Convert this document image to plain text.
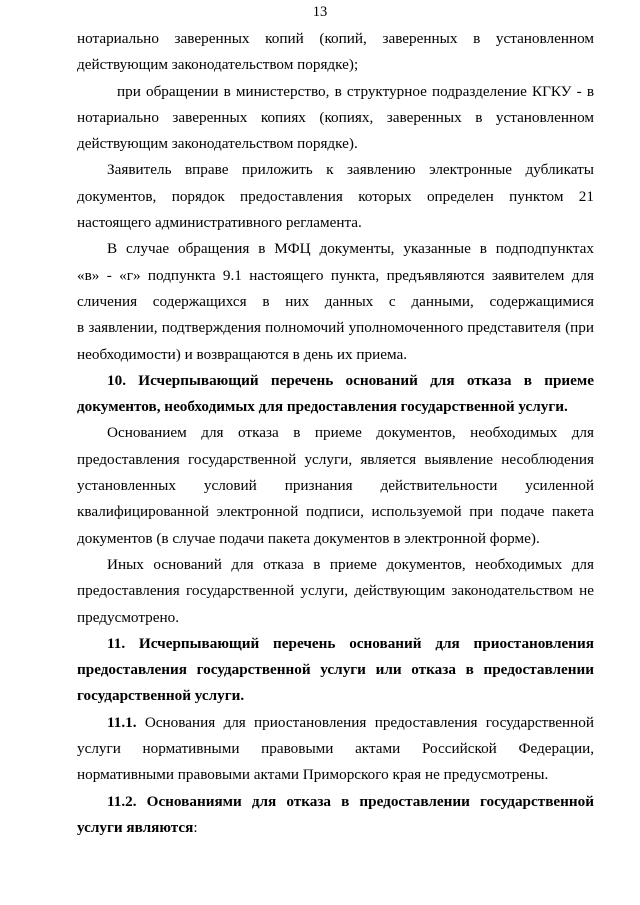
13

нотариально заверенных копий (копий, заверенных в установленном

действующим законодательством порядке);

при обращении в министерство, в структурное подразделение КГКУ - в

нотариально заверенных копиях (копиях, заверенных в установленном

действующим законодательством порядке).

Заявитель вправе приложить к заявлению электронные дубликаты

документов, порядок предоставления которых определен пунктом 21

настоящего административного регламента.

В случае обращения в МФЦ документы, указанные в подподпунктах

«в» - «г» подпункта 9.1 настоящего пункта, предъявляются заявителем для

сличения содержащихся в них данных с данными, содержащимися

в заявлении, подтверждения полномочий уполномоченного представителя (при

необходимости) и возвращаются в день их приема.

10. Исчерпывающий перечень оснований для отказа в приеме

документов, необходимых для предоставления государственной услуги.

Основанием для отказа в приеме документов, необходимых для

предоставления государственной услуги, является выявление несоблюдения

установленных условий признания действительности усиленной

квалифицированной электронной подписи, используемой при подаче пакета

документов (в случае подачи пакета документов в электронной форме).

Иных оснований для отказа в приеме документов, необходимых для

предоставления государственной услуги, действующим законодательством не

предусмотрено.

11. Исчерпывающий перечень оснований для приостановления

предоставления государственной услуги или отказа в предоставлении

государственной услуги.

11.1. Основания для приостановления предоставления государственной

услуги нормативными правовыми актами Российской Федерации,

нормативными правовыми актами Приморского края не предусмотрены.

11.2. Основаниями для отказа в предоставлении государственной

услуги являются:
